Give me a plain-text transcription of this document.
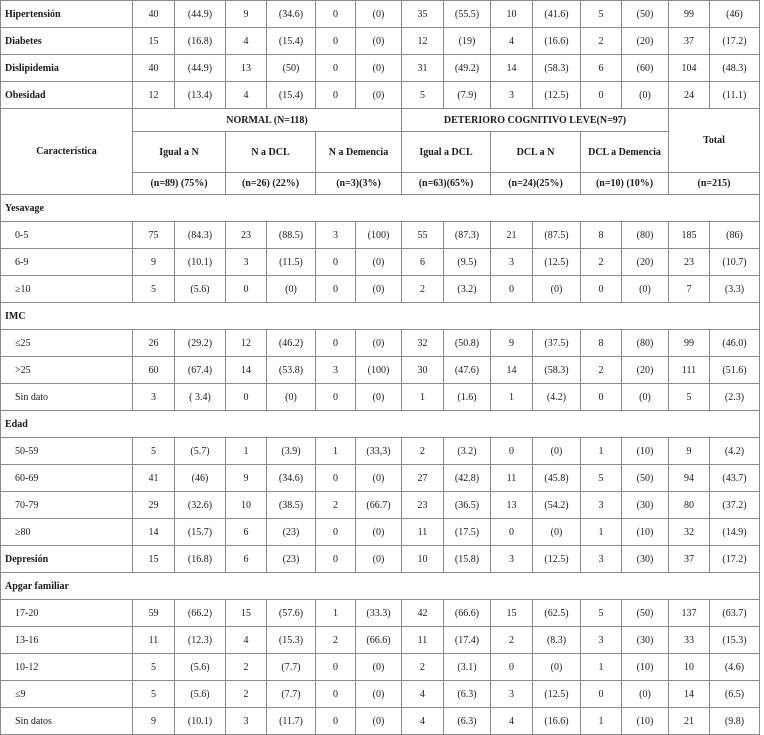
Hipertensión	40	(44.9)	9	(34.6)	0	(0)	35	(55.5)	10	(41.6)	5	(50)	99	(46)
Diabetes	15	(16.8)	4	(15.4)	0	(0)	12	(19)	4	(16.6)	2	(20)	37	(17.2)
Dislipidemia	40	(44.9)	13	(50)	0	(0)	31	(49.2)	14	(58.3)	6	(60)	104	(48.3)
Obesidad	12	(13.4)	4	(15.4)	0	(0)	5	(7.9)	3	(12.5)	0	(0)	24	(11.1)
Característica	NORMAL (N=118)						DETERIORO COGNITIVO LEVE(N=97)						Total	
	Igual a N		N a DCL		N a Demencia		Igual a DCL		DCL a N		DCL a Demencia			
	(n=89) (75%)		(n=26) (22%)		(n=3)(3%)		(n=63)(65%)		(n=24)(25%)		(n=10) (10%)		(n=215)	
Yesavage														
0-5	75	(84.3)	23	(88.5)	3	(100)	55	(87.3)	21	(87.5)	8	(80)	185	(86)
6-9	9	(10.1)	3	(11.5)	0	(0)	6	(9.5)	3	(12.5)	2	(20)	23	(10.7)
≥10	5	(5.6)	0	(0)	0	(0)	2	(3.2)	0	(0)	0	(0)	7	(3.3)
IMC														
≤25	26	(29.2)	12	(46.2)	0	(0)	32	(50.8)	9	(37.5)	8	(80)	99	(46.0)
>25	60	(67.4)	14	(53.8)	3	(100)	30	(47.6)	14	(58.3)	2	(20)	111	(51.6)
Sin dato	3	( 3.4)	0	(0)	0	(0)	1	(1.6)	1	(4.2)	0	(0)	5	(2.3)
Edad														
50-59	5	(5.7)	1	(3.9)	1	(33,3)	2	(3.2)	0	(0)	1	(10)	9	(4.2)
60-69	41	(46)	9	(34.6)	0	(0)	27	(42.8)	11	(45.8)	5	(50)	94	(43.7)
70-79	29	(32.6)	10	(38.5)	2	(66.7)	23	(36.5)	13	(54.2)	3	(30)	80	(37.2)
≥80	14	(15.7)	6	(23)	0	(0)	11	(17.5)	0	(0)	1	(10)	32	(14.9)
Depresión	15	(16.8)	6	(23)	0	(0)	10	(15.8)	3	(12.5)	3	(30)	37	(17.2)
Apgar familiar														
17-20	59	(66.2)	15	(57.6)	1	(33.3)	42	(66.6)	15	(62.5)	5	(50)	137	(63.7)
13-16	11	(12.3)	4	(15.3)	2	(66.6)	11	(17.4)	2	(8.3)	3	(30)	33	(15.3)
10-12	5	(5.6)	2	(7.7)	0	(0)	2	(3.1)	0	(0)	1	(10)	10	(4.6)
≤9	5	(5.6)	2	(7.7)	0	(0)	4	(6.3)	3	(12.5)	0	(0)	14	(6.5)
Sin datos	9	(10.1)	3	(11.7)	0	(0)	4	(6.3)	4	(16.6)	1	(10)	21	(9.8)
